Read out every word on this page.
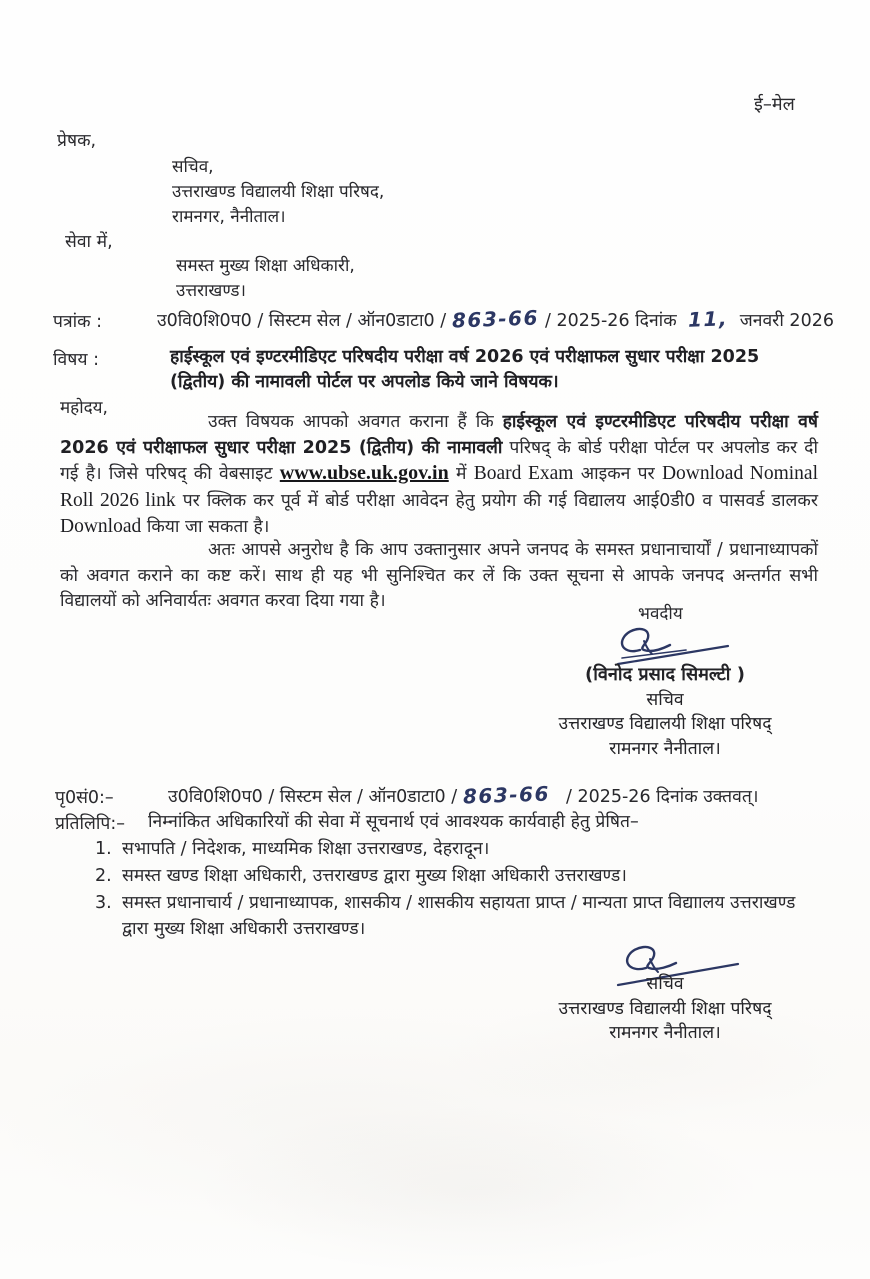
ई–मेल
प्रेषक,
सचिव,
उत्तराखण्ड विद्यालयी शिक्षा परिषद,
रामनगर, नैनीताल।
सेवा में,
समस्त मुख्य शिक्षा अधिकारी,
उत्तराखण्ड।
पत्रांक :	उ0वि0शि0प0 / सिस्टम सेल / ऑन0डाटा0 / 863-66 / 2025-26 दिनांक 11, जनवरी 2026
विषय :	हाईस्कूल एवं इण्टरमीडिएट परिषदीय परीक्षा वर्ष 2026 एवं परीक्षाफल सुधार परीक्षा 2025
(द्वितीय) की नामावली पोर्टल पर अपलोड किये जाने विषयक।
महोदय,

उक्त विषयक आपको अवगत कराना हैं कि हाईस्कूल एवं इण्टरमीडिएट परिषदीय परीक्षा वर्ष 2026 एवं परीक्षाफल सुधार परीक्षा 2025 (द्वितीय) की नामावली परिषद् के बोर्ड परीक्षा पोर्टल पर अपलोड कर दी गई है। जिसे परिषद् की वेबसाइट www.ubse.uk.gov.in में Board Exam आइकन पर Download Nominal Roll 2026 link पर क्लिक कर पूर्व में बोर्ड परीक्षा आवेदन हेतु प्रयोग की गई विद्यालय आई0डी0 व पासवर्ड डालकर Download किया जा सकता है।

अतः आपसे अनुरोध है कि आप उक्तानुसार अपने जनपद के समस्त प्रधानाचार्यों / प्रधानाध्यापकों को अवगत कराने का कष्ट करें। साथ ही यह भी सुनिश्चित कर लें कि उक्त सूचना से आपके जनपद अन्तर्गत सभी विद्यालयों को अनिवार्यतः अवगत करवा दिया गया है।

भवदीय
(विनोद प्रसाद सिमल्टी )
सचिव
उत्तराखण्ड विद्यालयी शिक्षा परिषद्
रामनगर नैनीताल।
पृ0सं0:–	उ0वि0शि0प0 / सिस्टम सेल / ऑन0डाटा0 / 863-66 / 2025-26 दिनांक उक्तवत्।
प्रतिलिपि:– निम्नांकित अधिकारियों की सेवा में सूचनार्थ एवं आवश्यक कार्यवाही हेतु प्रेषित–
1. सभापति / निदेशक, माध्यमिक शिक्षा उत्तराखण्ड, देहरादून।
2. समस्त खण्ड शिक्षा अधिकारी, उत्तराखण्ड द्वारा मुख्य शिक्षा अधिकारी उत्तराखण्ड।
3. समस्त प्रधानाचार्य / प्रधानाध्यापक, शासकीय / शासकीय सहायता प्राप्त / मान्यता प्राप्त विद्याालय उत्तराखण्ड द्वारा मुख्य शिक्षा अधिकारी उत्तराखण्ड।
सचिव
उत्तराखण्ड विद्यालयी शिक्षा परिषद्
रामनगर नैनीताल।
